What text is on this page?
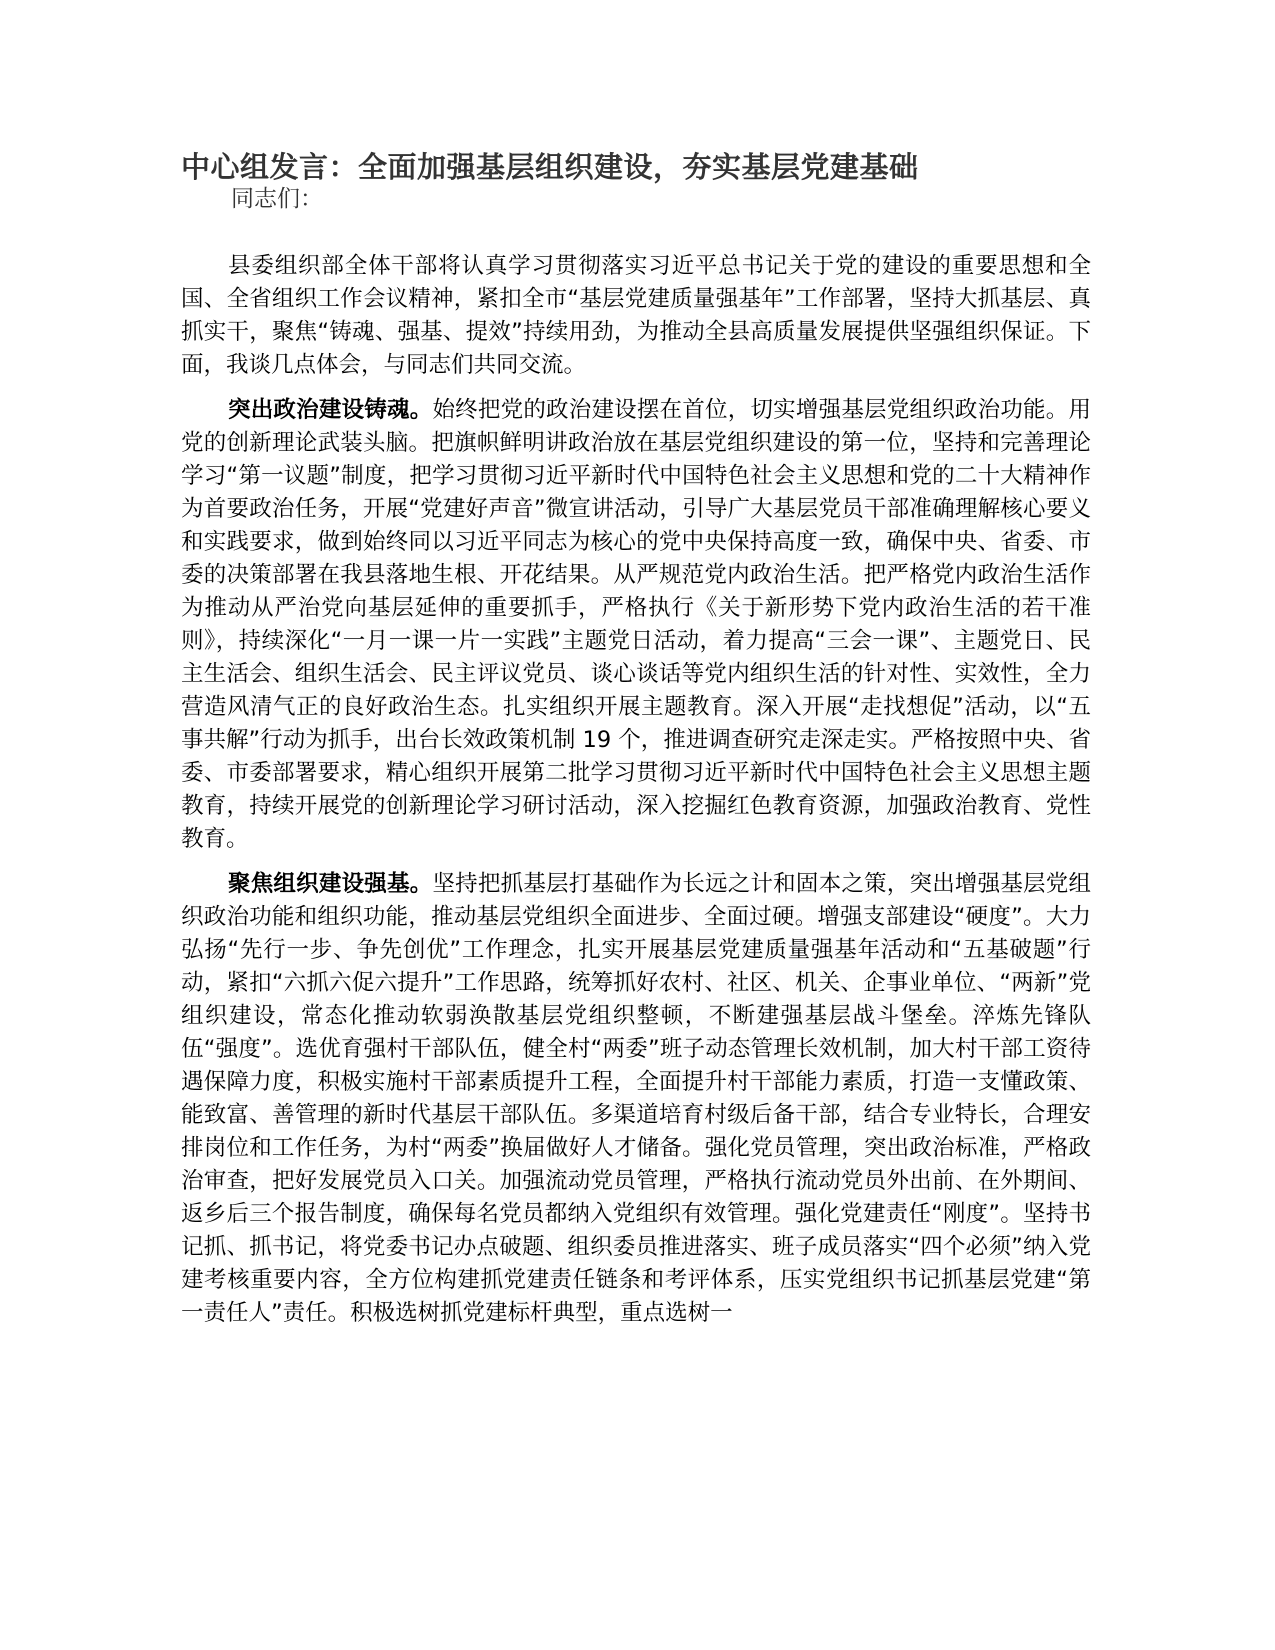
中心组发言：全面加强基层组织建设，夯实基层党建基础

同志们：

县委组织部全体干部将认真学习贯彻落实习近平总书记关于党的建设的重要思想和全国、全省组织工作会议精神，紧扣全市“基层党建质量强基年”工作部署，坚持大抓基层、真抓实干，聚焦“铸魂、强基、提效”持续用劲，为推动全县高质量发展提供坚强组织保证。下面，我谈几点体会，与同志们共同交流。

突出政治建设铸魂。始终把党的政治建设摆在首位，切实增强基层党组织政治功能。用党的创新理论武装头脑。把旗帜鲜明讲政治放在基层党组织建设的第一位，坚持和完善理论学习“第一议题”制度，把学习贯彻习近平新时代中国特色社会主义思想和党的二十大精神作为首要政治任务，开展“党建好声音”微宣讲活动，引导广大基层党员干部准确理解核心要义和实践要求，做到始终同以习近平同志为核心的党中央保持高度一致，确保中央、省委、市委的决策部署在我县落地生根、开花结果。从严规范党内政治生活。把严格党内政治生活作为推动从严治党向基层延伸的重要抓手，严格执行《关于新形势下党内政治生活的若干准则》，持续深化“一月一课一片一实践”主题党日活动，着力提高“三会一课”、主题党日、民主生活会、组织生活会、民主评议党员、谈心谈话等党内组织生活的针对性、实效性，全力营造风清气正的良好政治生态。扎实组织开展主题教育。深入开展“走找想促”活动，以“五事共解”行动为抓手，出台长效政策机制 19 个，推进调查研究走深走实。严格按照中央、省委、市委部署要求，精心组织开展第二批学习贯彻习近平新时代中国特色社会主义思想主题教育，持续开展党的创新理论学习研讨活动，深入挖掘红色教育资源，加强政治教育、党性教育。

聚焦组织建设强基。坚持把抓基层打基础作为长远之计和固本之策，突出增强基层党组织政治功能和组织功能，推动基层党组织全面进步、全面过硬。增强支部建设“硬度”。大力弘扬“先行一步、争先创优”工作理念，扎实开展基层党建质量强基年活动和“五基破题”行动，紧扣“六抓六促六提升”工作思路，统筹抓好农村、社区、机关、企事业单位、“两新”党组织建设，常态化推动软弱涣散基层党组织整顿，不断建强基层战斗堡垒。淬炼先锋队伍“强度”。选优育强村干部队伍，健全村“两委”班子动态管理长效机制，加大村干部工资待遇保障力度，积极实施村干部素质提升工程，全面提升村干部能力素质，打造一支懂政策、能致富、善管理的新时代基层干部队伍。多渠道培育村级后备干部，结合专业特长，合理安排岗位和工作任务，为村“两委”换届做好人才储备。强化党员管理，突出政治标准，严格政治审查，把好发展党员入口关。加强流动党员管理，严格执行流动党员外出前、在外期间、返乡后三个报告制度，确保每名党员都纳入党组织有效管理。强化党建责任“刚度”。坚持书记抓、抓书记，将党委书记办点破题、组织委员推进落实、班子成员落实“四个必须”纳入党建考核重要内容，全方位构建抓党建责任链条和考评体系，压实党组织书记抓基层党建“第一责任人”责任。积极选树抓党建标杆典型，重点选树一
